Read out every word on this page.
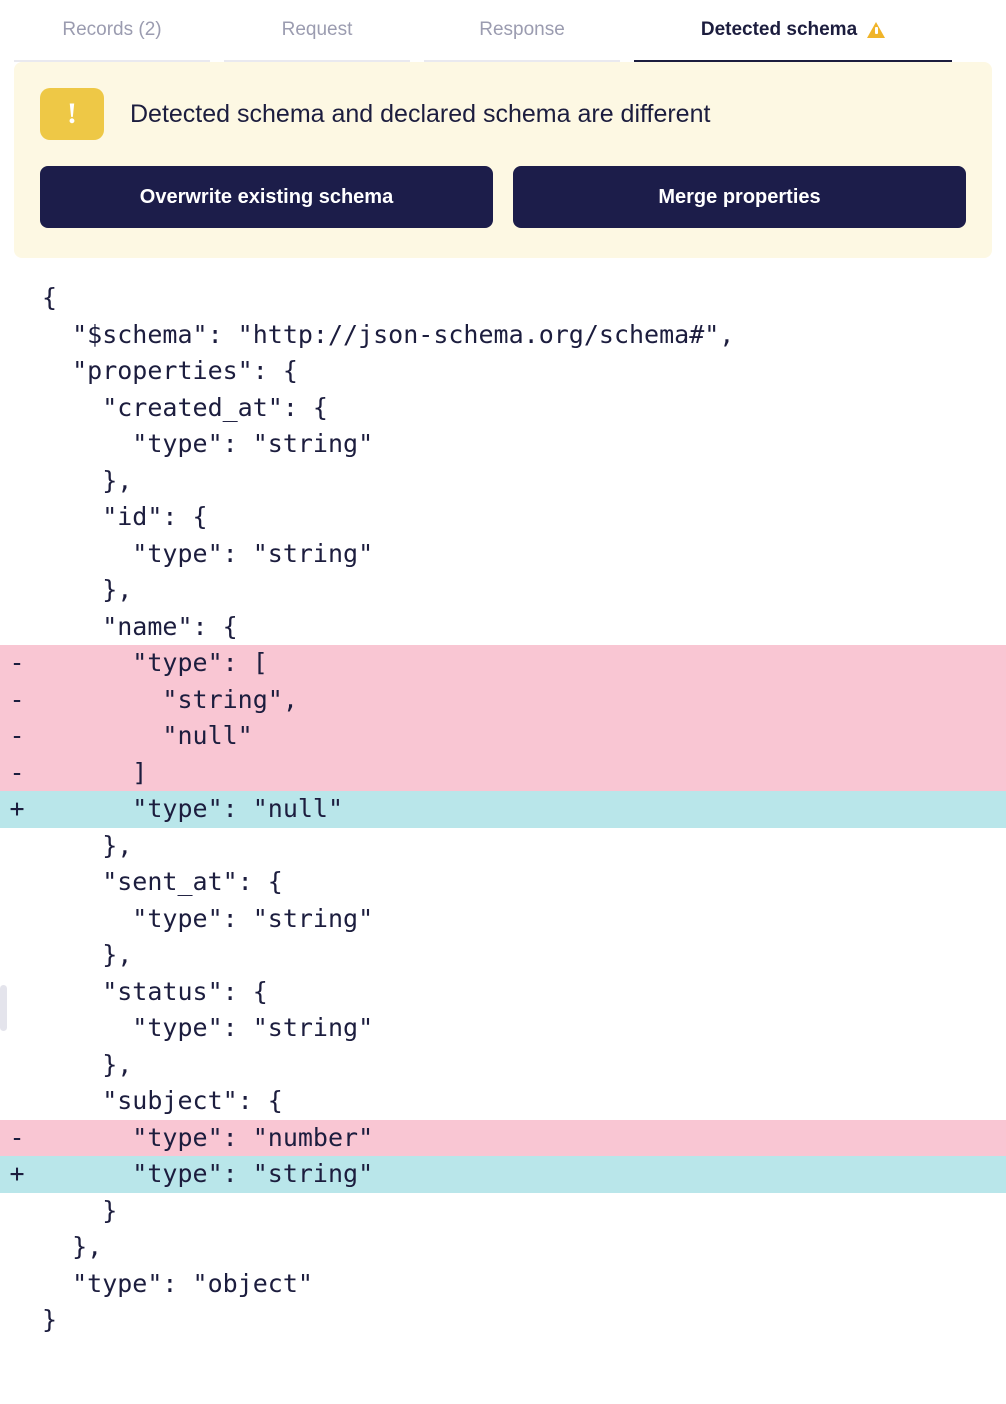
Records (2)	Request	Response	Detected schema
! Detected schema and declared schema are different
Overwrite existing schema	Merge properties
{
"$schema": "http://json-schema.org/schema#",
"properties": {
"created_at": {
"type": "string"
},
"id": {
"type": "string"
},
"name": {
- "type": [
- "string",
- "null"
- ]
+ "type": "null"
},
"sent_at": {
"type": "string"
},
"status": {
"type": "string"
},
"subject": {
- "type": "number"
+ "type": "string"
}
},
"type": "object"
}
